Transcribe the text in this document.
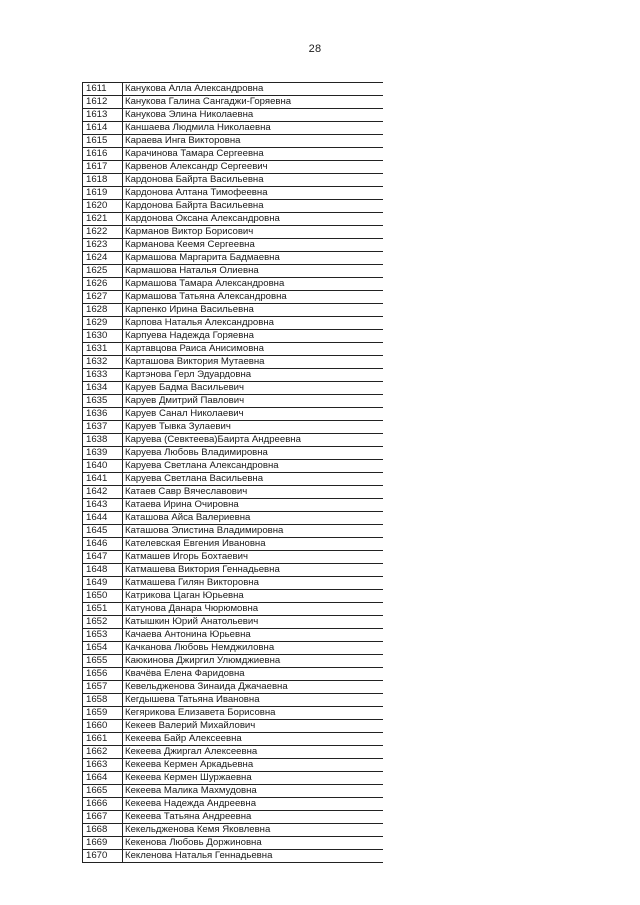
28
1611	Канукова Алла Александровна
1612	Канукова Галина Сангаджи-Горяевна
1613	Канукова Элина Николаевна
1614	Каншаева Людмила Николаевна
1615	Караева Инга Викторовна
1616	Карачинова Тамара Сергеевна
1617	Карвенов Александр Сергеевич
1618	Кардонова Байрта Васильевна
1619	Кардонова Алтана Тимофеевна
1620	Кардонова Байрта Васильевна
1621	Кардонова Оксана Александровна
1622	Карманов Виктор Борисович
1623	Карманова Кеемя Сергеевна
1624	Кармашова Маргарита Бадмаевна
1625	Кармашова Наталья Олиевна
1626	Кармашова Тамара Александровна
1627	Кармашова Татьяна Александровна
1628	Карпенко Ирина Васильевна
1629	Карпова Наталья Александровна
1630	Карпуева Надежда Горяевна
1631	Картавцова Раиса Анисимовна
1632	Карташова Виктория Мутаевна
1633	Картэнова Герл Эдуардовна
1634	Каруев Бадма Васильевич
1635	Каруев Дмитрий Павлович
1636	Каруев Санал Николаевич
1637	Каруев Тывка Зулаевич
1638	Каруева (Севктеева)Баирта Андреевна
1639	Каруева Любовь Владимировна
1640	Каруева Светлана Александровна
1641	Каруева Светлана Васильевна
1642	Катаев Савр Вячеславович
1643	Катаева Ирина Очировна
1644	Каташова Айса Валериевна
1645	Каташова Элистина Владимировна
1646	Кателевская Евгения Ивановна
1647	Катмашев Игорь Бохтаевич
1648	Катмашева Виктория Геннадьевна
1649	Катмашева Гилян Викторовна
1650	Катрикова Цаган Юрьевна
1651	Катунова Данара Чюрюмовна
1652	Катышкин Юрий Анатольевич
1653	Качаева Антонина Юрьевна
1654	Качканова Любовь Немджиловна
1655	Каюкинова Джиргил Улюмджиевна
1656	Квачёва Елена Фаридовна
1657	Кевельдженова Зинаида Джачаевна
1658	Кегдышева Татьяна Ивановна
1659	Кегярикова Елизавета Борисовна
1660	Кекеев Валерий Михайлович
1661	Кекеева Байр Алексеевна
1662	Кекеева Джиргал Алексеевна
1663	Кекеева Кермен Аркадьевна
1664	Кекеева Кермен Шуржаевна
1665	Кекеева Малика Махмудовна
1666	Кекеева Надежда Андреевна
1667	Кекеева Татьяна Андреевна
1668	Кекельдженова Кемя Яковлевна
1669	Кекенова Любовь Доржиновна
1670	Кекленова Наталья Геннадьевна
